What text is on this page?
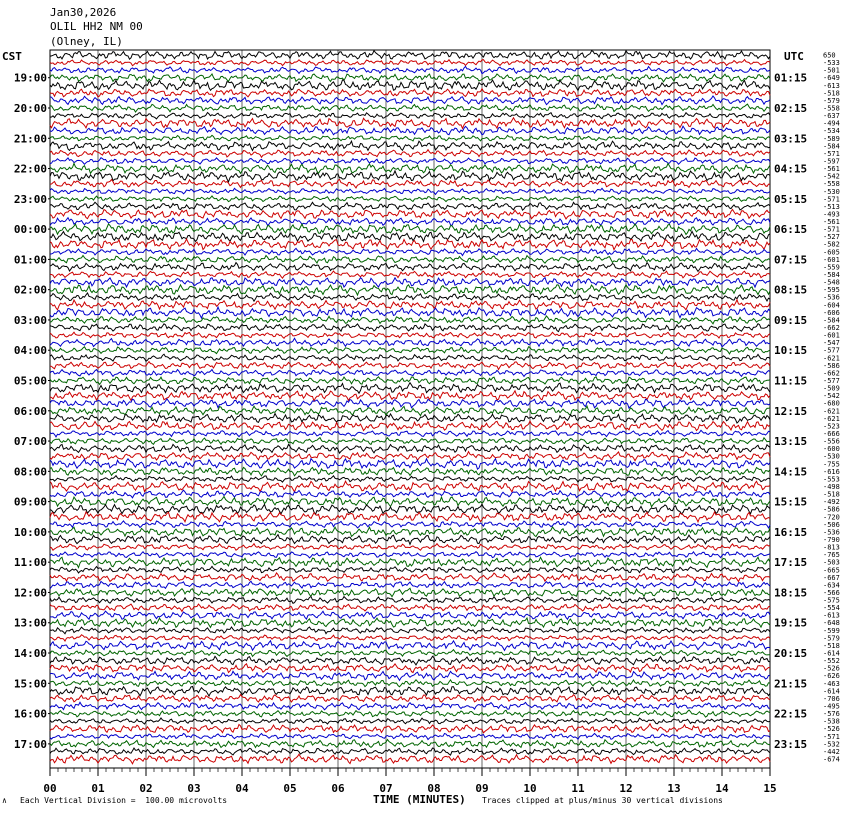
Jan30,2026
OLIL HH2 NM 00
(Olney, IL)
CST	UTC	650
-533
-501
-649
-613
-518
-579
-558
-637
-494
-534
-589
-584
-571
-597
-561
-542
-558
-530
-571
-513
-493
-561
-571
-527
-582
-605
-601
-559
-584
-548
-595
-536
-604
-606
-584
-662
-601
-547
-577
-621
-586
-662
-577
-509
-542
-680
-621
-621
-523
-666
-556
-600
-530
-755
-616
-553
-498
-518
-492
-586
-720
-506
-536
-790
-813
-765
-503
-665
-667
-634
-566
-575
-554
-613
-648
-599
-579
-518
-614
-552
-526
-626
-463
-614
-706
-495
-576
-538
-526
-571
-532
-442
-674
19:00
20:00
21:00
22:00
23:00
00:00
01:00
02:00
03:00
04:00
05:00
06:00
07:00
08:00
09:00
10:00
11:00
12:00
13:00
14:00
15:00
16:00
17:00
01:15
02:15
03:15
04:15
05:15
06:15
07:15
08:15
09:15
10:15
11:15
12:15
13:15
14:15
15:15
16:15
17:15
18:15
19:15
20:15
21:15
22:15
23:15
00	01	02	03	04	05	06	07	08	09	10	11	12	13	14	15
∧ Each Vertical Division =  100.00 microvolts	TIME (MINUTES) Traces clipped at plus/minus 30 vertical divisions
